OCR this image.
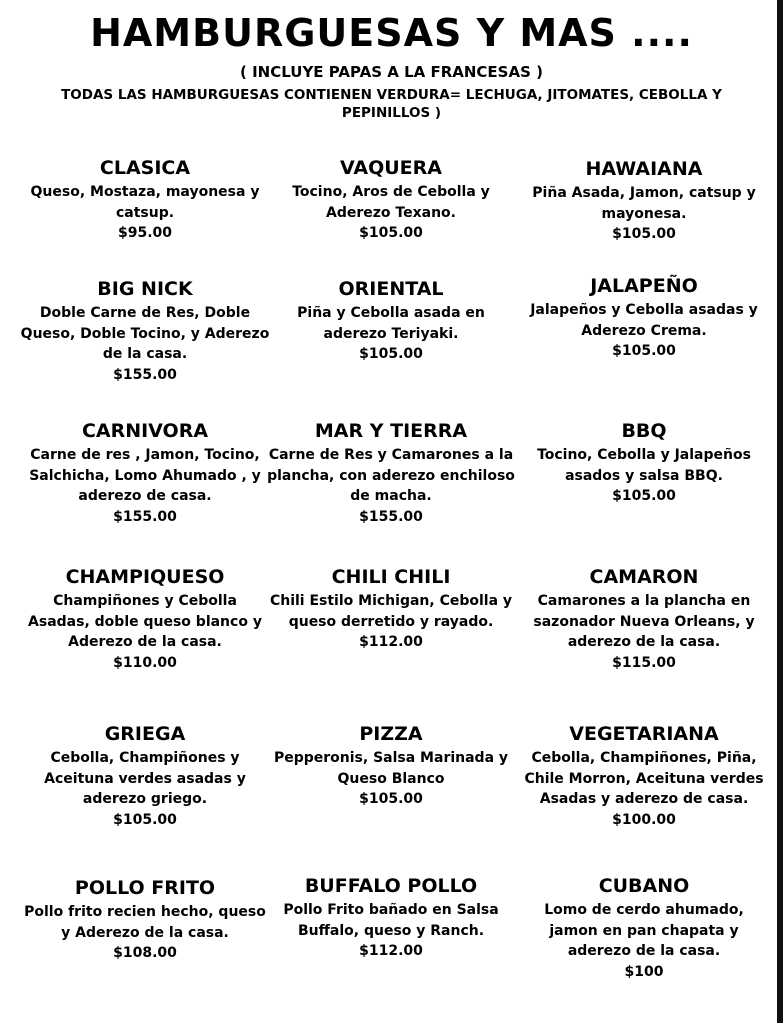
HAMBURGUESAS Y MAS ....
( INCLUYE PAPAS A LA FRANCESAS )
TODAS LAS HAMBURGUESAS CONTIENEN VERDURA= LECHUGA, JITOMATES, CEBOLLA Y PEPINILLOS )
CLASICA
Queso, Mostaza, mayonesa y catsup.
$95.00
VAQUERA
Tocino, Aros de Cebolla y Aderezo Texano.
$105.00
HAWAIANA
Piña Asada, Jamon, catsup y mayonesa.
$105.00
BIG NICK
Doble Carne de Res, Doble Queso, Doble Tocino, y Aderezo de la casa.
$155.00
ORIENTAL
Piña y Cebolla asada en aderezo Teriyaki.
$105.00
JALAPEÑO
Jalapeños y Cebolla asadas y Aderezo Crema.
$105.00
CARNIVORA
Carne de res , Jamon, Tocino, Salchicha, Lomo Ahumado , y aderezo de casa.
$155.00
MAR Y TIERRA
Carne de Res y Camarones a la plancha, con aderezo enchiloso de macha.
$155.00
BBQ
Tocino, Cebolla y Jalapeños asados y salsa BBQ.
$105.00
CHAMPIQUESO
Champiñones y Cebolla Asadas, doble queso blanco y Aderezo de la casa.
$110.00
CHILI CHILI
Chili Estilo Michigan, Cebolla y queso derretido y rayado.
$112.00
CAMARON
Camarones a la plancha en sazonador Nueva Orleans, y aderezo de la casa.
$115.00
GRIEGA
Cebolla, Champiñones y Aceituna verdes asadas y aderezo griego.
$105.00
PIZZA
Pepperonis, Salsa Marinada y Queso Blanco
$105.00
VEGETARIANA
Cebolla, Champiñones, Piña, Chile Morron, Aceituna verdes Asadas y aderezo de casa.
$100.00
POLLO FRITO
Pollo frito recien hecho, queso y Aderezo de la casa.
$108.00
BUFFALO POLLO
Pollo Frito bañado en Salsa Buffalo, queso y Ranch.
$112.00
CUBANO
Lomo de cerdo ahumado, jamon en pan chapata y aderezo de la casa.
$100
